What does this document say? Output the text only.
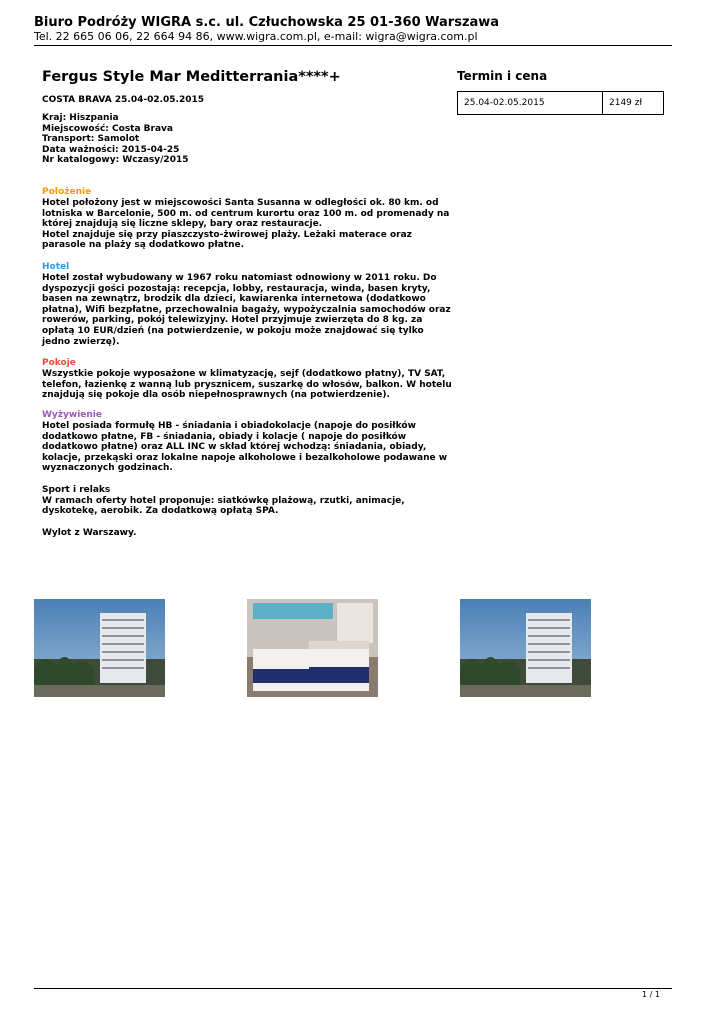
Biuro Podróży WIGRA s.c. ul. Człuchowska 25 01-360 Warszawa
Tel. 22 665 06 06, 22 664 94 86, www.wigra.com.pl, e-mail: wigra@wigra.com.pl
Fergus Style Mar Meditterrania****+
COSTA BRAVA 25.04-02.05.2015
Kraj: Hiszpania
Miejscowość: Costa Brava
Transport: Samolot
Data ważności: 2015-04-25
Nr katalogowy: Wczasy/2015
Położenie
Hotel położony jest w miejscowości Santa Susanna w odległości ok. 80 km. od lotniska w Barcelonie, 500 m. od centrum kurortu oraz 100 m. od promenady na której znajdują się liczne sklepy, bary oraz restauracje.
Hotel znajduje się przy piaszczysto-żwirowej plaży. Leżaki materace oraz parasole na plaży są dodatkowo płatne.
Hotel
Hotel został wybudowany w 1967 roku natomiast odnowiony w 2011 roku. Do dyspozycji gości pozostają: recepcja, lobby, restauracja, winda, basen kryty, basen na zewnątrz, brodzik dla dzieci, kawiarenka internetowa (dodatkowo płatna), Wifi bezpłatne, przechowalnia bagaży, wypożyczalnia samochodów oraz rowerów, parking, pokój telewizyjny. Hotel przyjmuje zwierzęta do 8 kg. za opłatą 10 EUR/dzień (na potwierdzenie, w pokoju może znajdować się tylko jedno zwierzę).
Pokoje
Wszystkie pokoje wyposażone w klimatyzację, sejf (dodatkowo płatny), TV SAT, telefon, łazienkę z wanną lub prysznicem, suszarkę do włosów, balkon. W hotelu znajdują się pokoje dla osób niepełnosprawnych (na potwierdzenie).
Wyżywienie
Hotel posiada formułę HB - śniadania i obiadokolacje (napoje do posiłków dodatkowo płatne, FB - śniadania, obiady i kolacje ( napoje do posiłków dodatkowo płatne) oraz ALL INC w skład której wchodzą: śniadania, obiady, kolacje, przekąski oraz lokalne napoje alkoholowe i bezalkoholowe podawane w wyznaczonych godzinach.
Sport i relaks
W ramach oferty hotel proponuje: siatkówkę plażową, rzutki, animacje, dyskotekę, aerobik. Za dodatkową opłatą SPA.
Wylot z Warszawy.
Termin i cena
25.04-02.05.2015	2149 zł
1 / 1
